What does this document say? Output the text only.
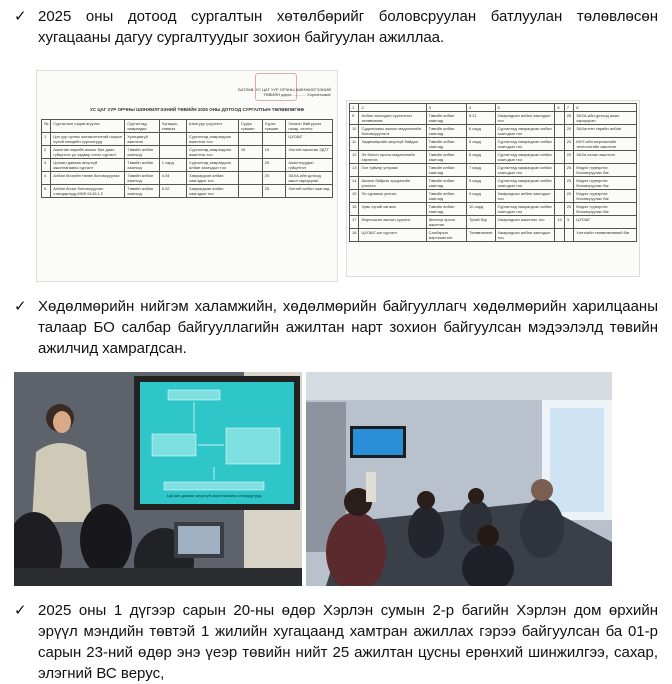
✓ 2025 оны дотоод сургалтын хөтөлбөрийг боловсруулан батлуулан төлөвлөсөн хугацааны дагуу сургалтуудыг зохион байгуулан ажиллаа.
БАТЛАВ: УС ЦАГ УУР ОРЧНЫ ШИНЖИЛГЭЭНИЙ ТӨВИЙН дарга ............ Хэрлэнчимэг
УС ЦАГ УУР ОРЧНЫ ШИНЖИЛГЭЭНИЙ ТӨВИЙН 2025 ОНЫ ДОТООД СУРГАЛТЫН ТӨЛӨВЛӨГӨӨ
№	Сургалтын сэдэв агуулга	Сургалтад хамрагдах	Хугацаа, хэмжээ	Шалгуур үзүүлэлт	Суурь түвшин	Хүрэх түвшин	Зохион байгуулах газар, хэлтэс
1	Цаг уур орчны шинжилгээний газрын хүний нөөцийн сургалтууд	Хугацаагүй ажилтан		Сургалтад хамрагдсан ажилтны тоо			ЦУОШГ
2	Ажилтан өөрийн ажлыг бие даан гүйцэтгэх ур чадвар олгох сургалт	Төвийн албан хаагчид		Сургалтад хамрагдсан ажилтны тоо	15	15	Хэлтэй ажилтан ЗДТГ
3	Цагаан даваан аюулгүй ажиллагааны сургалт	Төвийн албан хаагчид	1 сард	Сургалтад хамрагдсан албан хаагчдын тоо		25	Ажилтнуудын гүйцэтгэл
4	Албан бичгийн төлөв боловсруулах	Төвийн албан хаагчид	4.04	Хамрагдсан албан хаагчдын тоо		25	ЗАХА-ийн дотоод ажил хариуцсан
5	Албан бичиг боловсруулах стандартууд MNS 5140:1.2	Төвийн албан хаагчид	5.02	Хамрагдсан албан хаагчдын тоо		25	Хэлтэй албан хаагчид
1	2	3	4	5	6	7	8
9	Албан хаагчдын сургалтын төлөвлөгөө	Төвийн албан хаагчид	5.21	Хамрагдсан албан хаагчдын тоо		25	ЗАХА-ийн дотоод ажил хариуцсан
10	Судалгааны ажлын мэдээллийн боловсруулалт	Төвийн албан хаагчид	6 сард	Сургалтад хамрагдсан албан хаагчдын тоо		20	ЗАХалтэн төрийн албан
11	Хөдөлмөрийн аюулгүй байдал	Төвийн албан хаагчид	6 сард	Сургалтад хамрагдсан албан хаагчдын тоо		20	МУХ-ийн мэргэжлийн технологийн ажилтан
12	Эх болон орчны мэдээллийн хэрэглээ	Төвийн албан хаагчид	8 сард	Сургалтад хамрагдсан албан хаагчдын тоо		20	ЗАХа ахлах ажилтан
13	Гал түймэр унтраах	Төвийн албан хаагчид	7 сард	Сургалтад хамрагдсан албан хаагчдын тоо		25	Мэдээ түүвэрлэх боловсруулах баг
14	Ажлын байрны эрсдэлийн үнэлгээ	Төвийн албан хаагчид	9 сард	Сургалтад хамрагдсан албан хаагчдын тоо		20	Мэдээ түүвэрлэх боловсруулах баг
15	Эх сурвалж үнэлэх	Төвийн албан хаагчид	9 сард	Хамрагдсан албан хаагчдын тоо		20	Мэдээ түүвэрлэх боловсруулах баг
16	Хувь хүний хөгжил	Төвийн албан хаагчид	10 сард	Сургалтад хамрагдсан албан хаагчдын тоо		20	Мэдээ түүвэрлэх боловсруулах баг
17	Мэргэшсэн ажлын сургалт	Шинээр орсон ажилтан	Тухай бүр	Хамрагдсан ажилтны тоо	10	3	ЦУОШГ
18	ЦУОШГ-ын сургалт	Салбарын мэргэжилтэн	Төлөвлөгөөт	Хамрагдсан албан хаагчдын тоо			Хэлтсийн төлөвлөгөөний баг
✓ Хөдөлмөрийн нийгэм халамжийн, хөдөлмөрийн байгууллагч хөдөлмөрийн харилцааны талаар БО салбар байгууллагийн ажилтан нарт зохион байгуулсан мэдээлэлд төвийн ажилчид хамрагдсан.
Цагаан даваан аюулгүй ажиллагааны стандартууд
✓ 2025 оны 1 дүгээр сарын 20-ны өдөр Хэрлэн сумын 2-р багийн Хэрлэн дом өрхийн эрүүл мэндийн төвтэй 1 жилийн хугацаанд хамтран ажиллах гэрээ байгуулсан ба 01-р сарын 23-ний өдөр энэ үеэр төвийн нийт 25 ажилтан цусны ерөнхий шинжилгээ, сахар, элэгний ВС верус,
